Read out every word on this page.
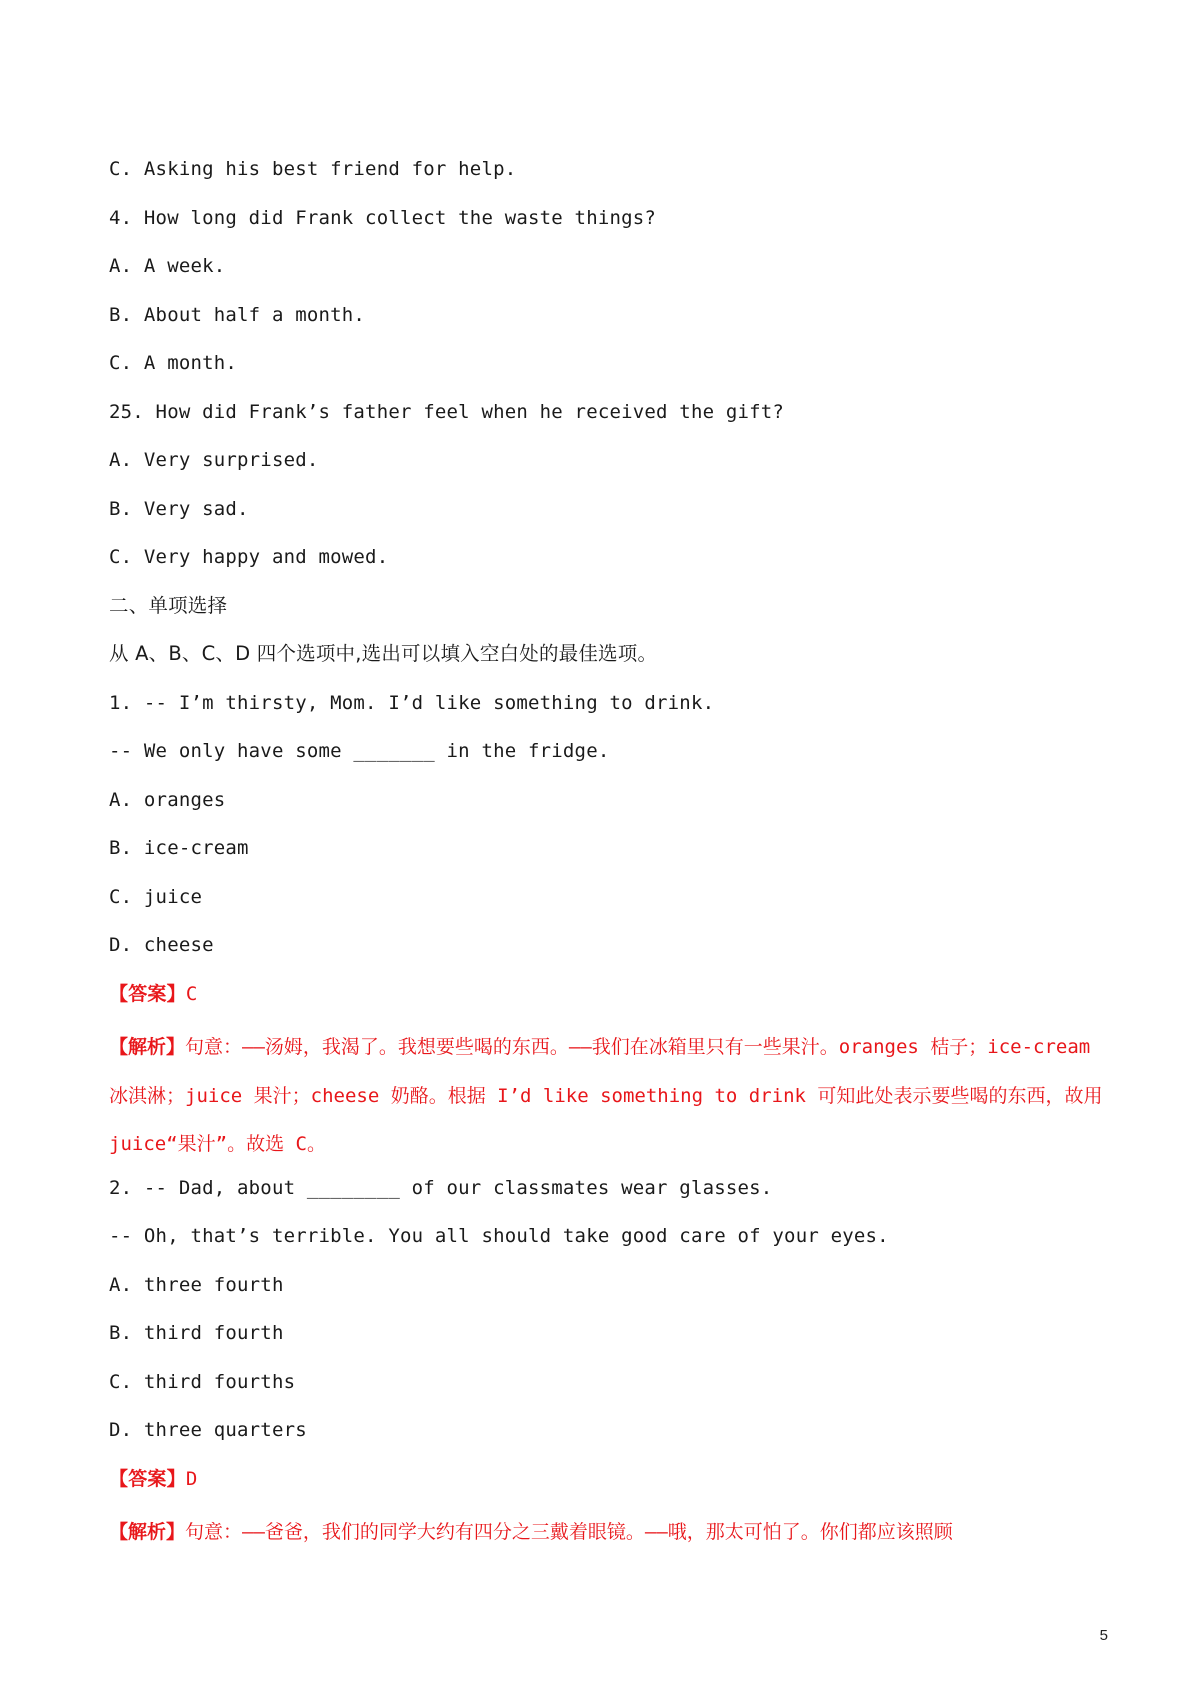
C. Asking his best friend for help.
4. How long did Frank collect the waste things?
A. A week.
B. About half a month.
C. A month.
25. How did Frank’s father feel when he received the gift?
A. Very surprised.
B. Very sad.
C. Very happy and mowed.
二、单项选择
从 A、B、C、D 四个选项中,选出可以填入空白处的最佳选项。
1. -- I’m thirsty, Mom. I’d like something to drink.
-- We only have some _______ in the fridge.
A. oranges
B. ice-cream
C. juice
D. cheese
【答案】C
【解析】句意：——汤姆，我渴了。我想要些喝的东西。——我们在冰箱里只有一些果汁。oranges 桔子；ice-cream 冰淇淋；juice 果汁；cheese 奶酪。根据 I’d like something to drink 可知此处表示要些喝的东西，故用 juice“果汁”。故选 C。
2. -- Dad, about ________ of our classmates wear glasses.
-- Oh, that’s terrible. You all should take good care of your eyes.
A. three fourth
B. third fourth
C. third fourths
D. three quarters
【答案】D
【解析】句意：——爸爸，我们的同学大约有四分之三戴着眼镜。——哦，那太可怕了。你们都应该照顾
5
